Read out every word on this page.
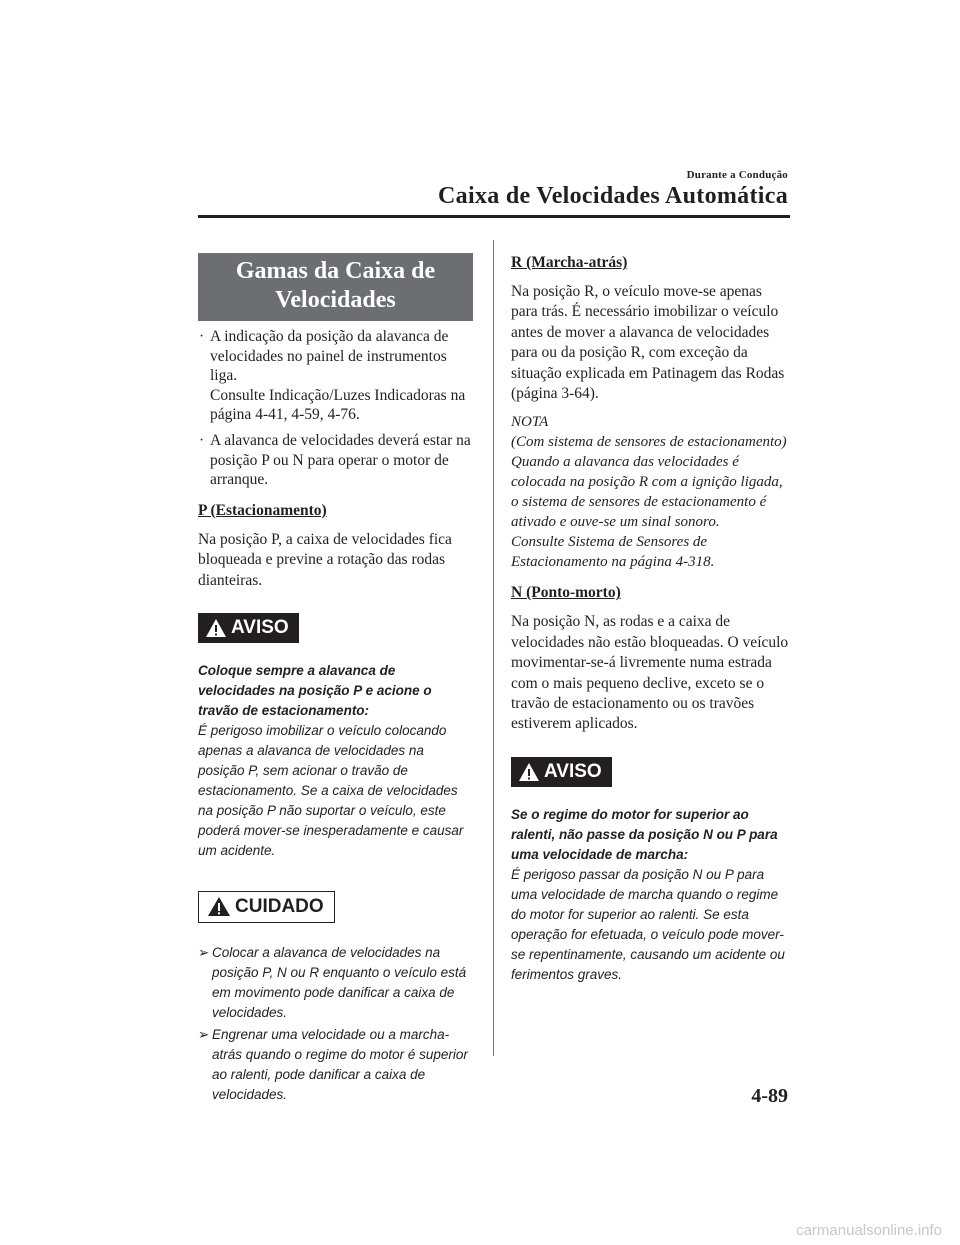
Durante a Condução
Caixa de Velocidades Automática
Gamas da Caixa de Velocidades
· A indicação da posição da alavanca de velocidades no painel de instrumentos liga.
Consulte Indicação/Luzes Indicadoras na página 4-41, 4-59, 4-76.
· A alavanca de velocidades deverá estar na posição P ou N para operar o motor de arranque.
P (Estacionamento)
Na posição P, a caixa de velocidades fica bloqueada e previne a rotação das rodas dianteiras.
AVISO
Coloque sempre a alavanca de velocidades na posição P e acione o travão de estacionamento:
É perigoso imobilizar o veículo colocando apenas a alavanca de velocidades na posição P, sem acionar o travão de estacionamento. Se a caixa de velocidades na posição P não suportar o veículo, este poderá mover-se inesperadamente e causar um acidente.
CUIDADO
➢ Colocar a alavanca de velocidades na posição P, N ou R enquanto o veículo está em movimento pode danificar a caixa de velocidades.
➢ Engrenar uma velocidade ou a marcha-atrás quando o regime do motor é superior ao ralenti, pode danificar a caixa de velocidades.
R (Marcha-atrás)
Na posição R, o veículo move-se apenas para trás. É necessário imobilizar o veículo antes de mover a alavanca de velocidades para ou da posição R, com exceção da situação explicada em Patinagem das Rodas (página 3-64).
NOTA
(Com sistema de sensores de estacionamento)
Quando a alavanca das velocidades é colocada na posição R com a ignição ligada, o sistema de sensores de estacionamento é ativado e ouve-se um sinal sonoro.
Consulte Sistema de Sensores de Estacionamento na página 4-318.
N (Ponto-morto)
Na posição N, as rodas e a caixa de velocidades não estão bloqueadas. O veículo movimentar-se-á livremente numa estrada com o mais pequeno declive, exceto se o travão de estacionamento ou os travões estiverem aplicados.
AVISO
Se o regime do motor for superior ao ralenti, não passe da posição N ou P para uma velocidade de marcha:
É perigoso passar da posição N ou P para uma velocidade de marcha quando o regime do motor for superior ao ralenti. Se esta operação for efetuada, o veículo pode mover-se repentinamente, causando um acidente ou ferimentos graves.
4-89
carmanualsonline.info
